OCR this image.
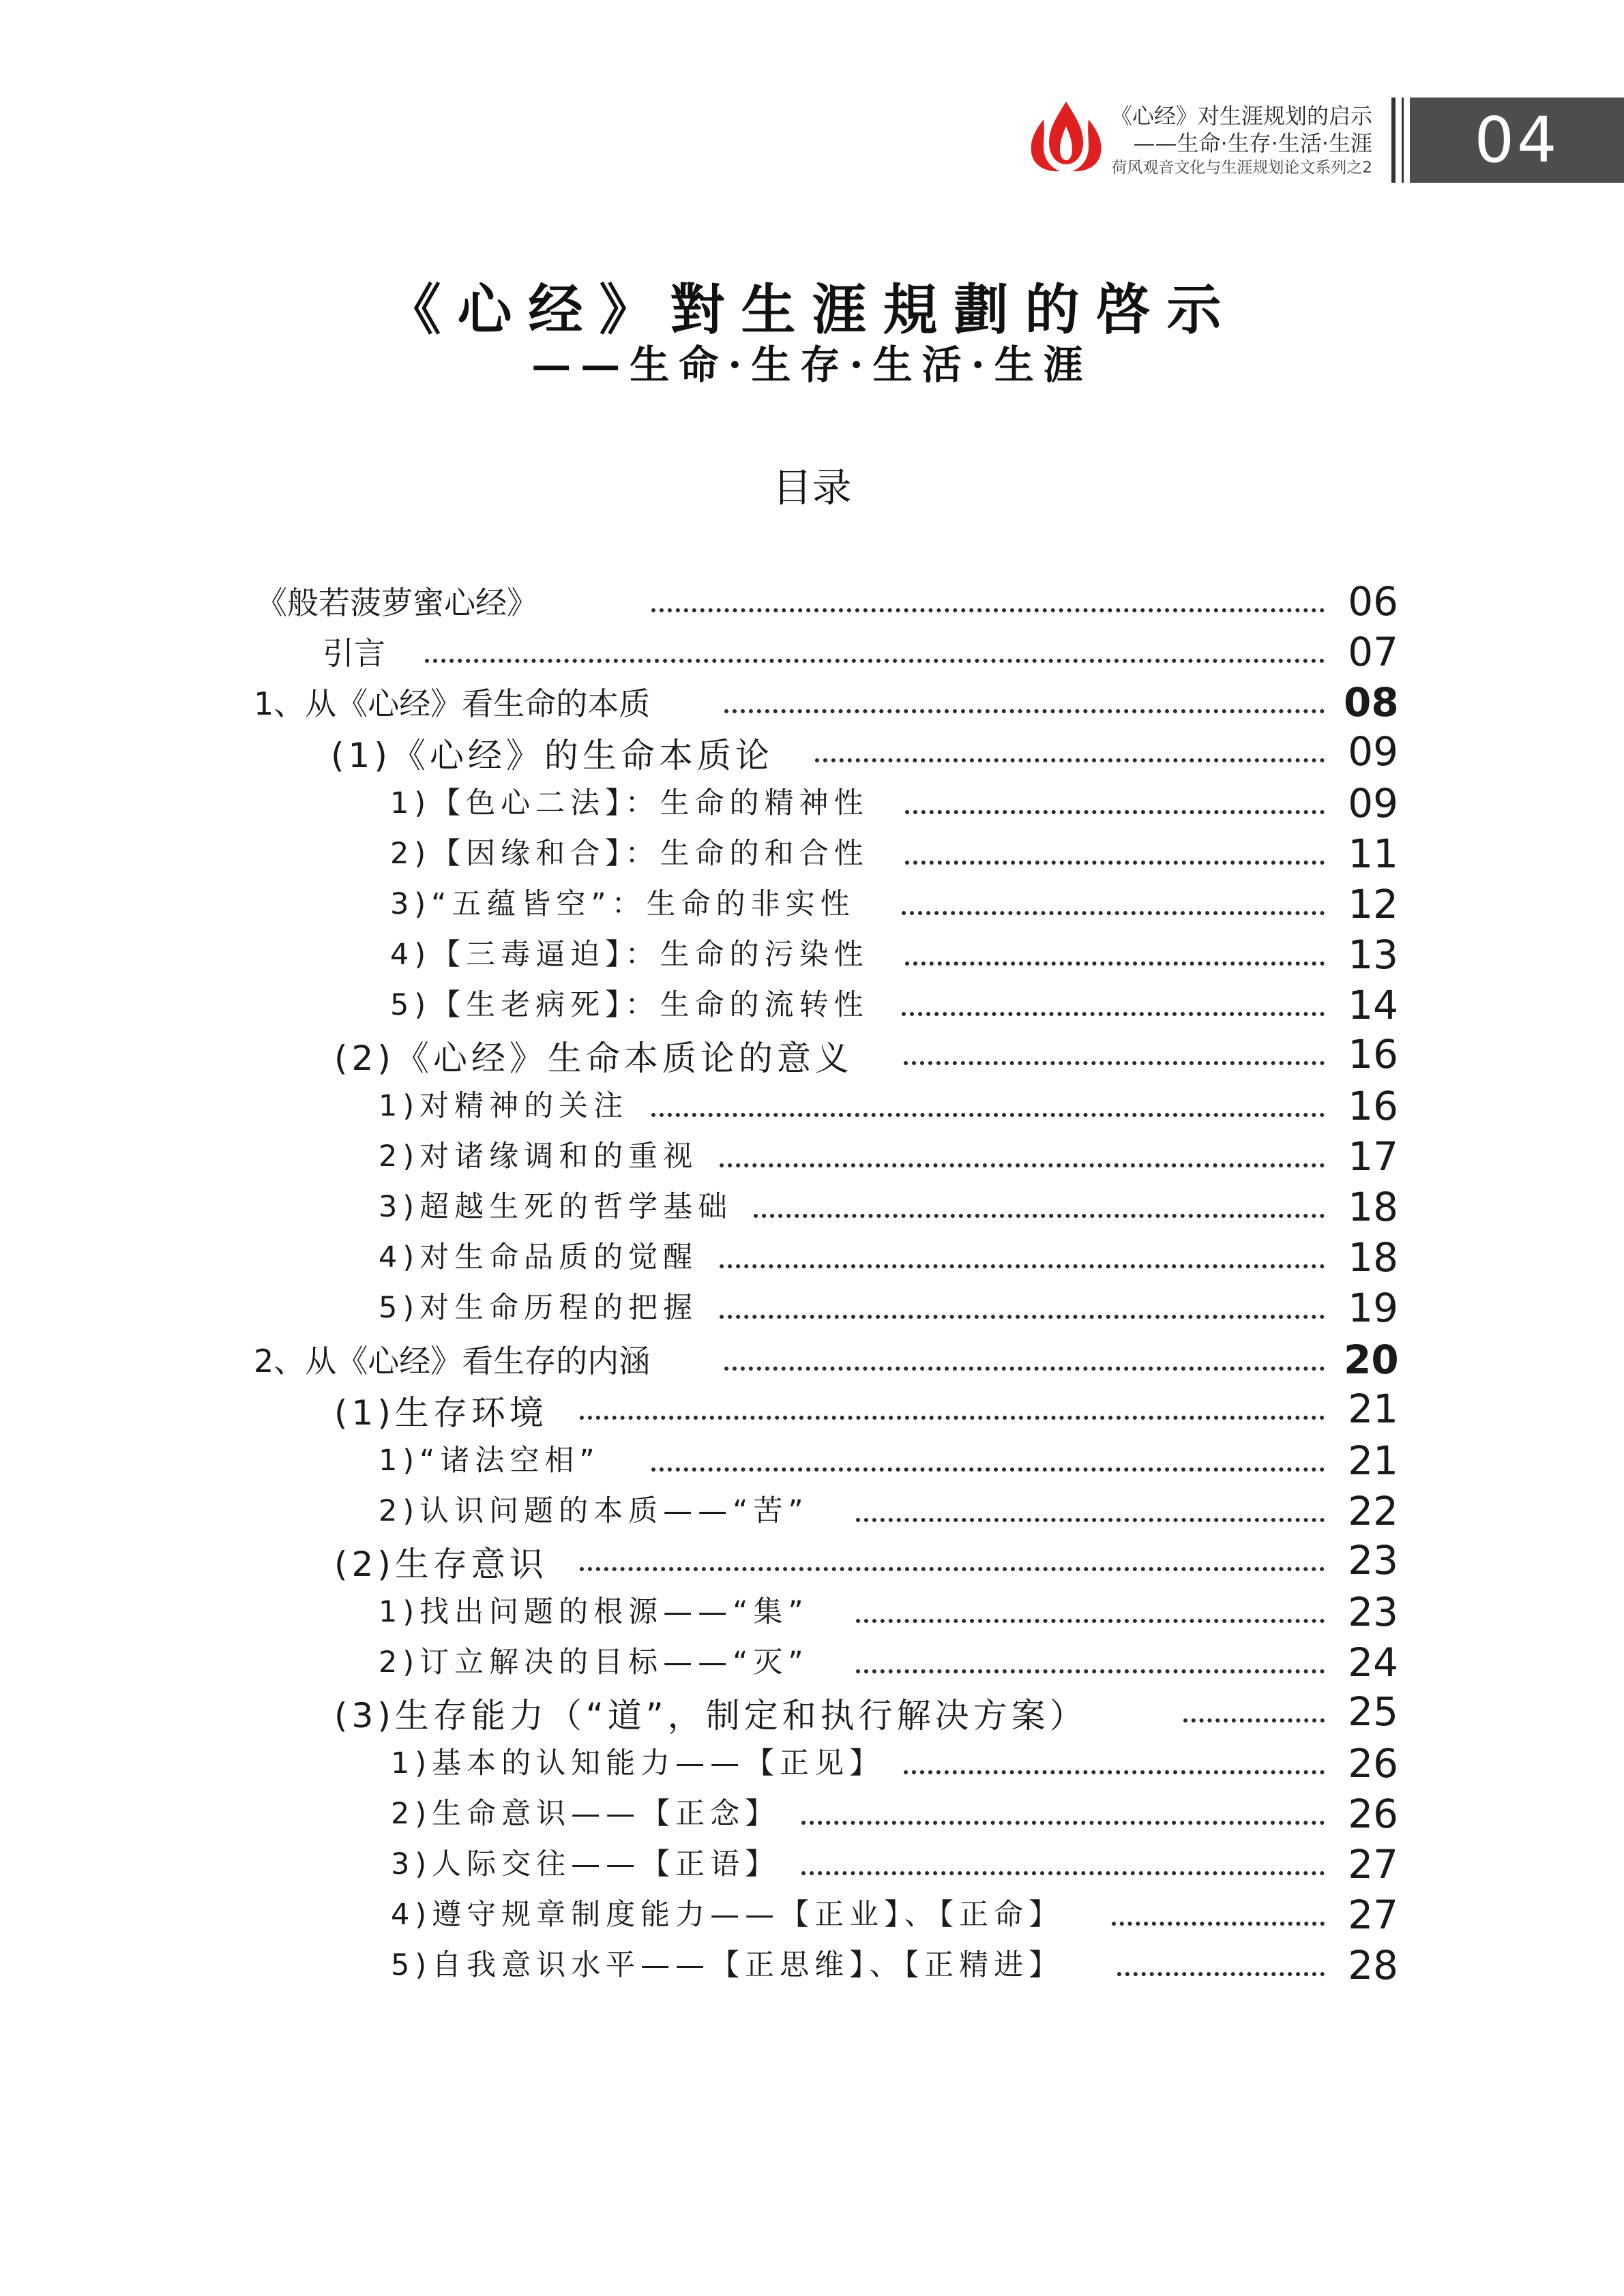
《心经》对生涯规划的启示
——生命·生存·生活·生涯
荷风观音文化与生涯规划论文系列之2	04
《心经》對生涯規劃的啓示
——生命·生存·生活·生涯
目录
《般若菠萝蜜心经》	06
引言	07
1、从《心经》看生命的本质	08
(1)《心经》的生命本质论	09
1)【色心二法】：生命的精神性	09
2)【因缘和合】：生命的和合性	11
3)“五蕴皆空”：生命的非实性	12
4)【三毒逼迫】：生命的污染性	13
5)【生老病死】：生命的流转性	14
(2)《心经》生命本质论的意义	16
1)对精神的关注	16
2)对诸缘调和的重视	17
3)超越生死的哲学基础	18
4)对生命品质的觉醒	18
5)对生命历程的把握	19
2、从《心经》看生存的内涵	20
(1)生存环境	21
1)“诸法空相”	21
2)认识问题的本质——“苦”	22
(2)生存意识	23
1)找出问题的根源——“集”	23
2)订立解决的目标——“灭”	24
(3)生存能力（“道”，制定和执行解决方案）	25
1)基本的认知能力——【正见】	26
2)生命意识——【正念】	26
3)人际交往——【正语】	27
4)遵守规章制度能力——【正业】、【正命】	27
5)自我意识水平——【正思维】、【正精进】	28
